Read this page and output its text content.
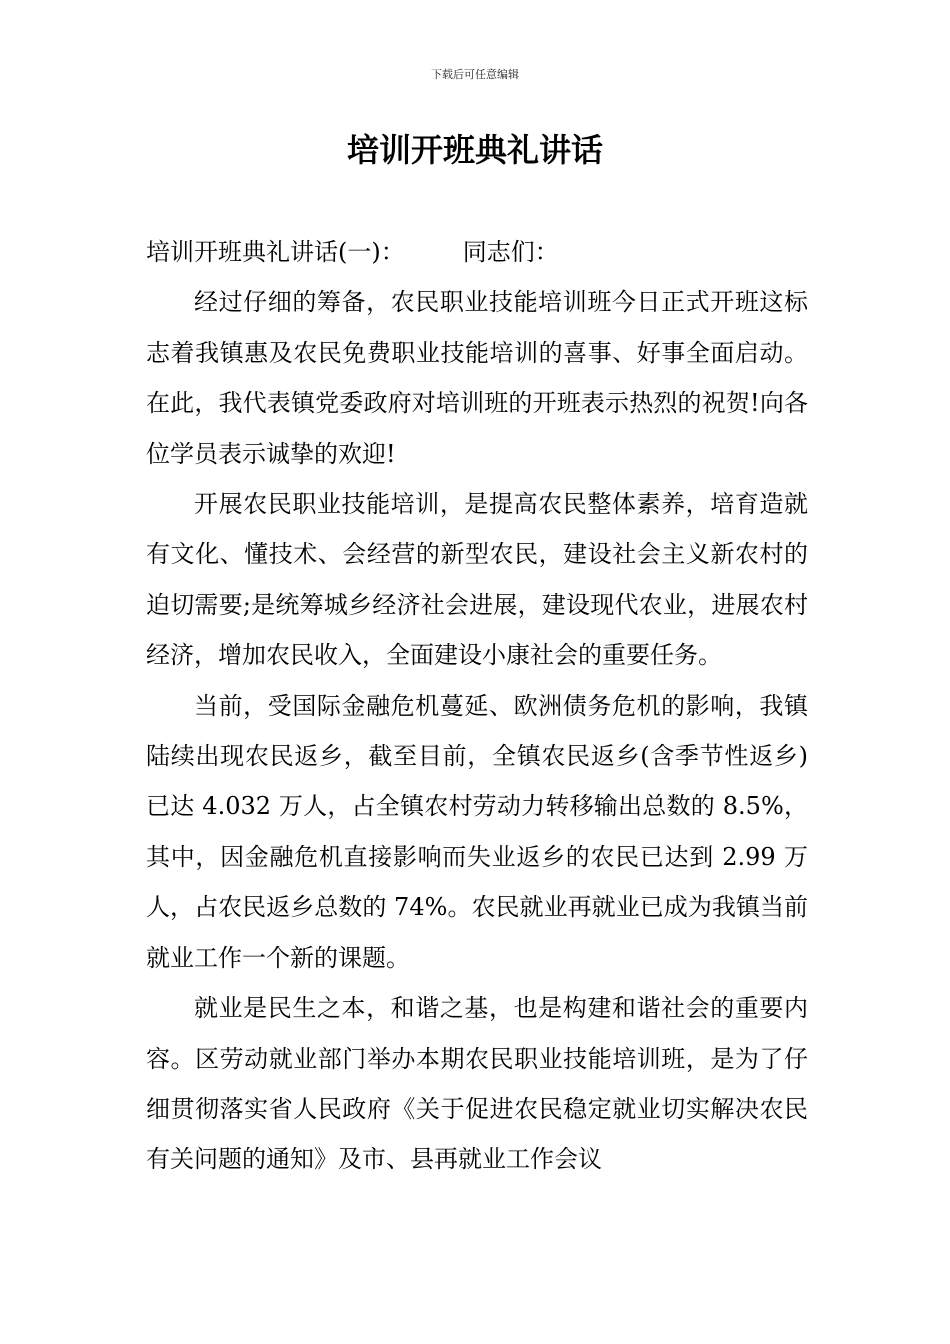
下载后可任意编辑
培训开班典礼讲话

培训开班典礼讲话(一)： 同志们：

经过仔细的筹备，农民职业技能培训班今日正式开班这标志着我镇惠及农民免费职业技能培训的喜事、好事全面启动。在此，我代表镇党委政府对培训班的开班表示热烈的祝贺!向各位学员表示诚挚的欢迎!

开展农民职业技能培训，是提高农民整体素养，培育造就有文化、懂技术、会经营的新型农民，建设社会主义新农村的迫切需要;是统筹城乡经济社会进展，建设现代农业，进展农村经济，增加农民收入，全面建设小康社会的重要任务。

当前，受国际金融危机蔓延、欧洲债务危机的影响，我镇陆续出现农民返乡，截至目前，全镇农民返乡(含季节性返乡)已达 4.032 万人，占全镇农村劳动力转移输出总数的 8.5%，其中，因金融危机直接影响而失业返乡的农民已达到 2.99 万人，占农民返乡总数的 74%。农民就业再就业已成为我镇当前就业工作一个新的课题。

就业是民生之本，和谐之基，也是构建和谐社会的重要内容。区劳动就业部门举办本期农民职业技能培训班，是为了仔细贯彻落实省人民政府《关于促进农民稳定就业切实解决农民有关问题的通知》及市、县再就业工作会议
